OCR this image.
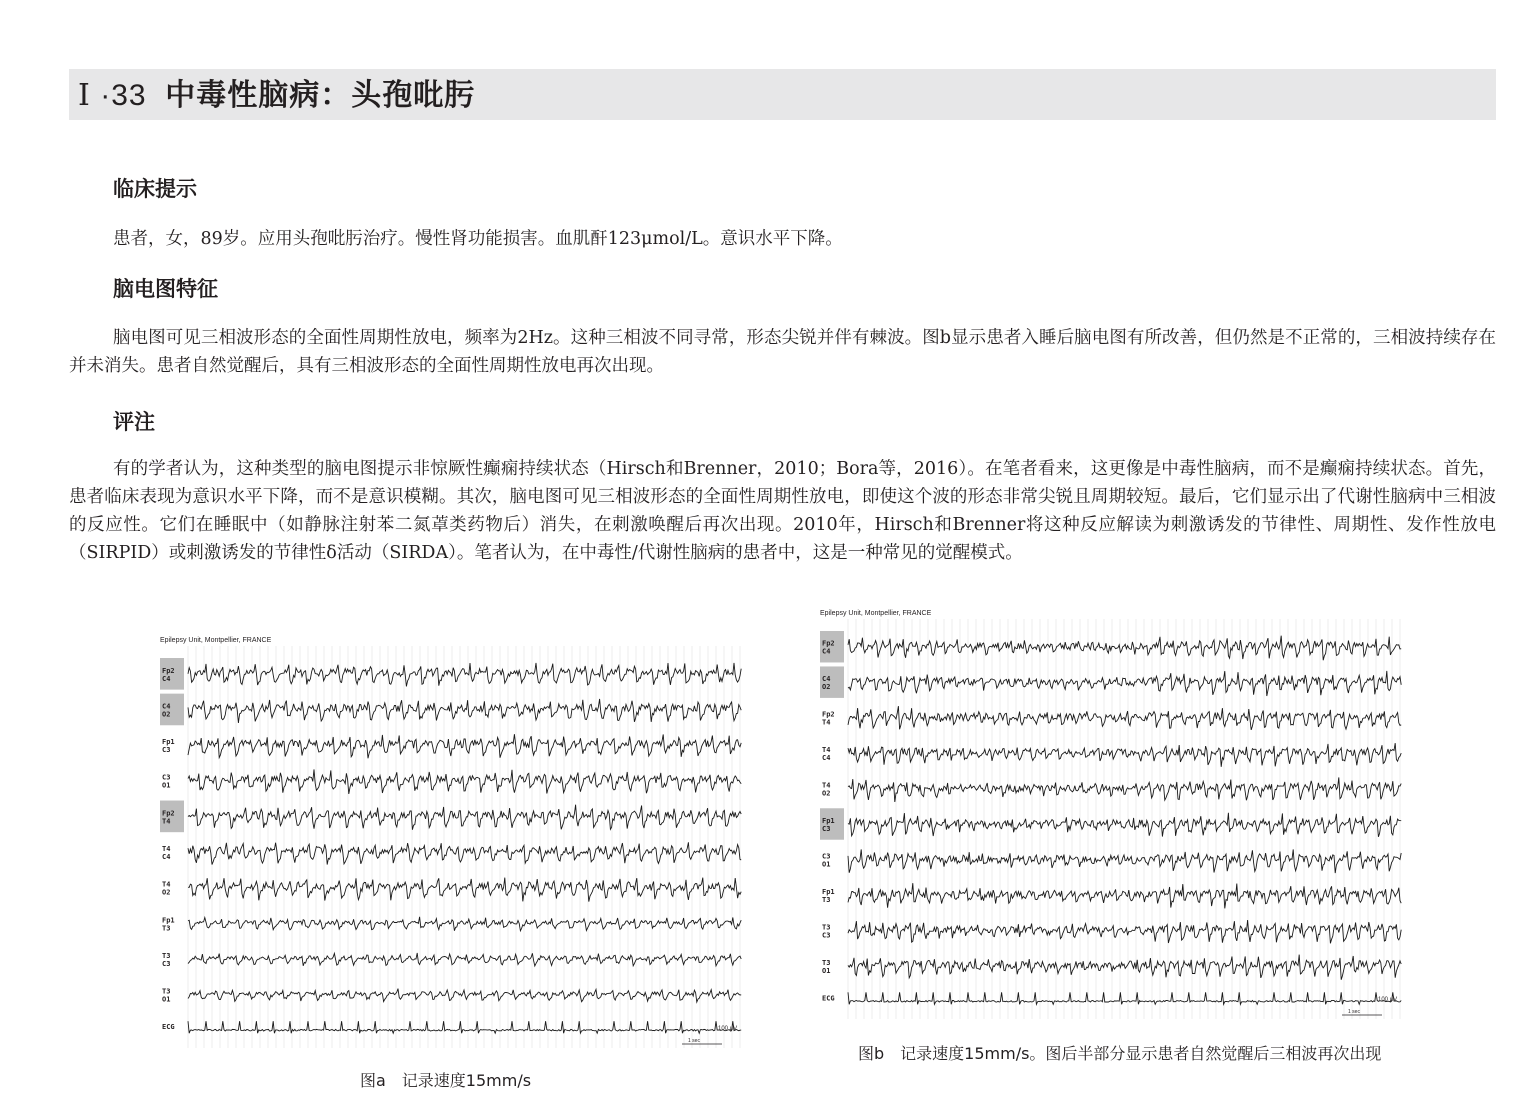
Ⅰ ·33 中毒性脑病：头孢吡肟
临床提示
患者，女，89岁。应用头孢吡肟治疗。慢性肾功能损害。血肌酐123μmol/L。意识水平下降。
脑电图特征
脑电图可见三相波形态的全面性周期性放电，频率为2Hz。这种三相波不同寻常，形态尖锐并伴有棘波。图b显示患者入睡后脑电图有所改善，但仍然是不正常的，三相波持续存在并未消失。患者自然觉醒后，具有三相波形态的全面性周期性放电再次出现。
评注
有的学者认为，这种类型的脑电图提示非惊厥性癫痫持续状态（Hirsch和Brenner，2010；Bora等，2016）。在笔者看来，这更像是中毒性脑病，而不是癫痫持续状态。首先，患者临床表现为意识水平下降，而不是意识模糊。其次，脑电图可见三相波形态的全面性周期性放电，即使这个波的形态非常尖锐且周期较短。最后，它们显示出了代谢性脑病中三相波的反应性。它们在睡眠中（如静脉注射苯二氮䓬类药物后）消失，在刺激唤醒后再次出现。2010年，Hirsch和Brenner将这种反应解读为刺激诱发的节律性、周期性、发作性放电（SIRPID）或刺激诱发的节律性δ活动（SIRDA）。笔者认为，在中毒性/代谢性脑病的患者中，这是一种常见的觉醒模式。
Epilepsy Unit, Montpellier, FRANCE
Fp2
C4
C4
O2
Fp1
C3
C3
O1
Fp2
T4
T4
C4
T4
O2
Fp1
T3
T3
C3
T3
O1
ECG	100 μV
1 sec
图a　记录速度15mm/s
Epilepsy Unit, Montpellier, FRANCE
Fp2
C4
C4
O2
Fp2
T4
T4
C4
T4
O2
Fp1
C3
C3
O1
Fp1
T3
T3
C3
T3
O1
ECG	100 μV
1 sec
图b　记录速度15mm/s。图后半部分显示患者自然觉醒后三相波再次出现
